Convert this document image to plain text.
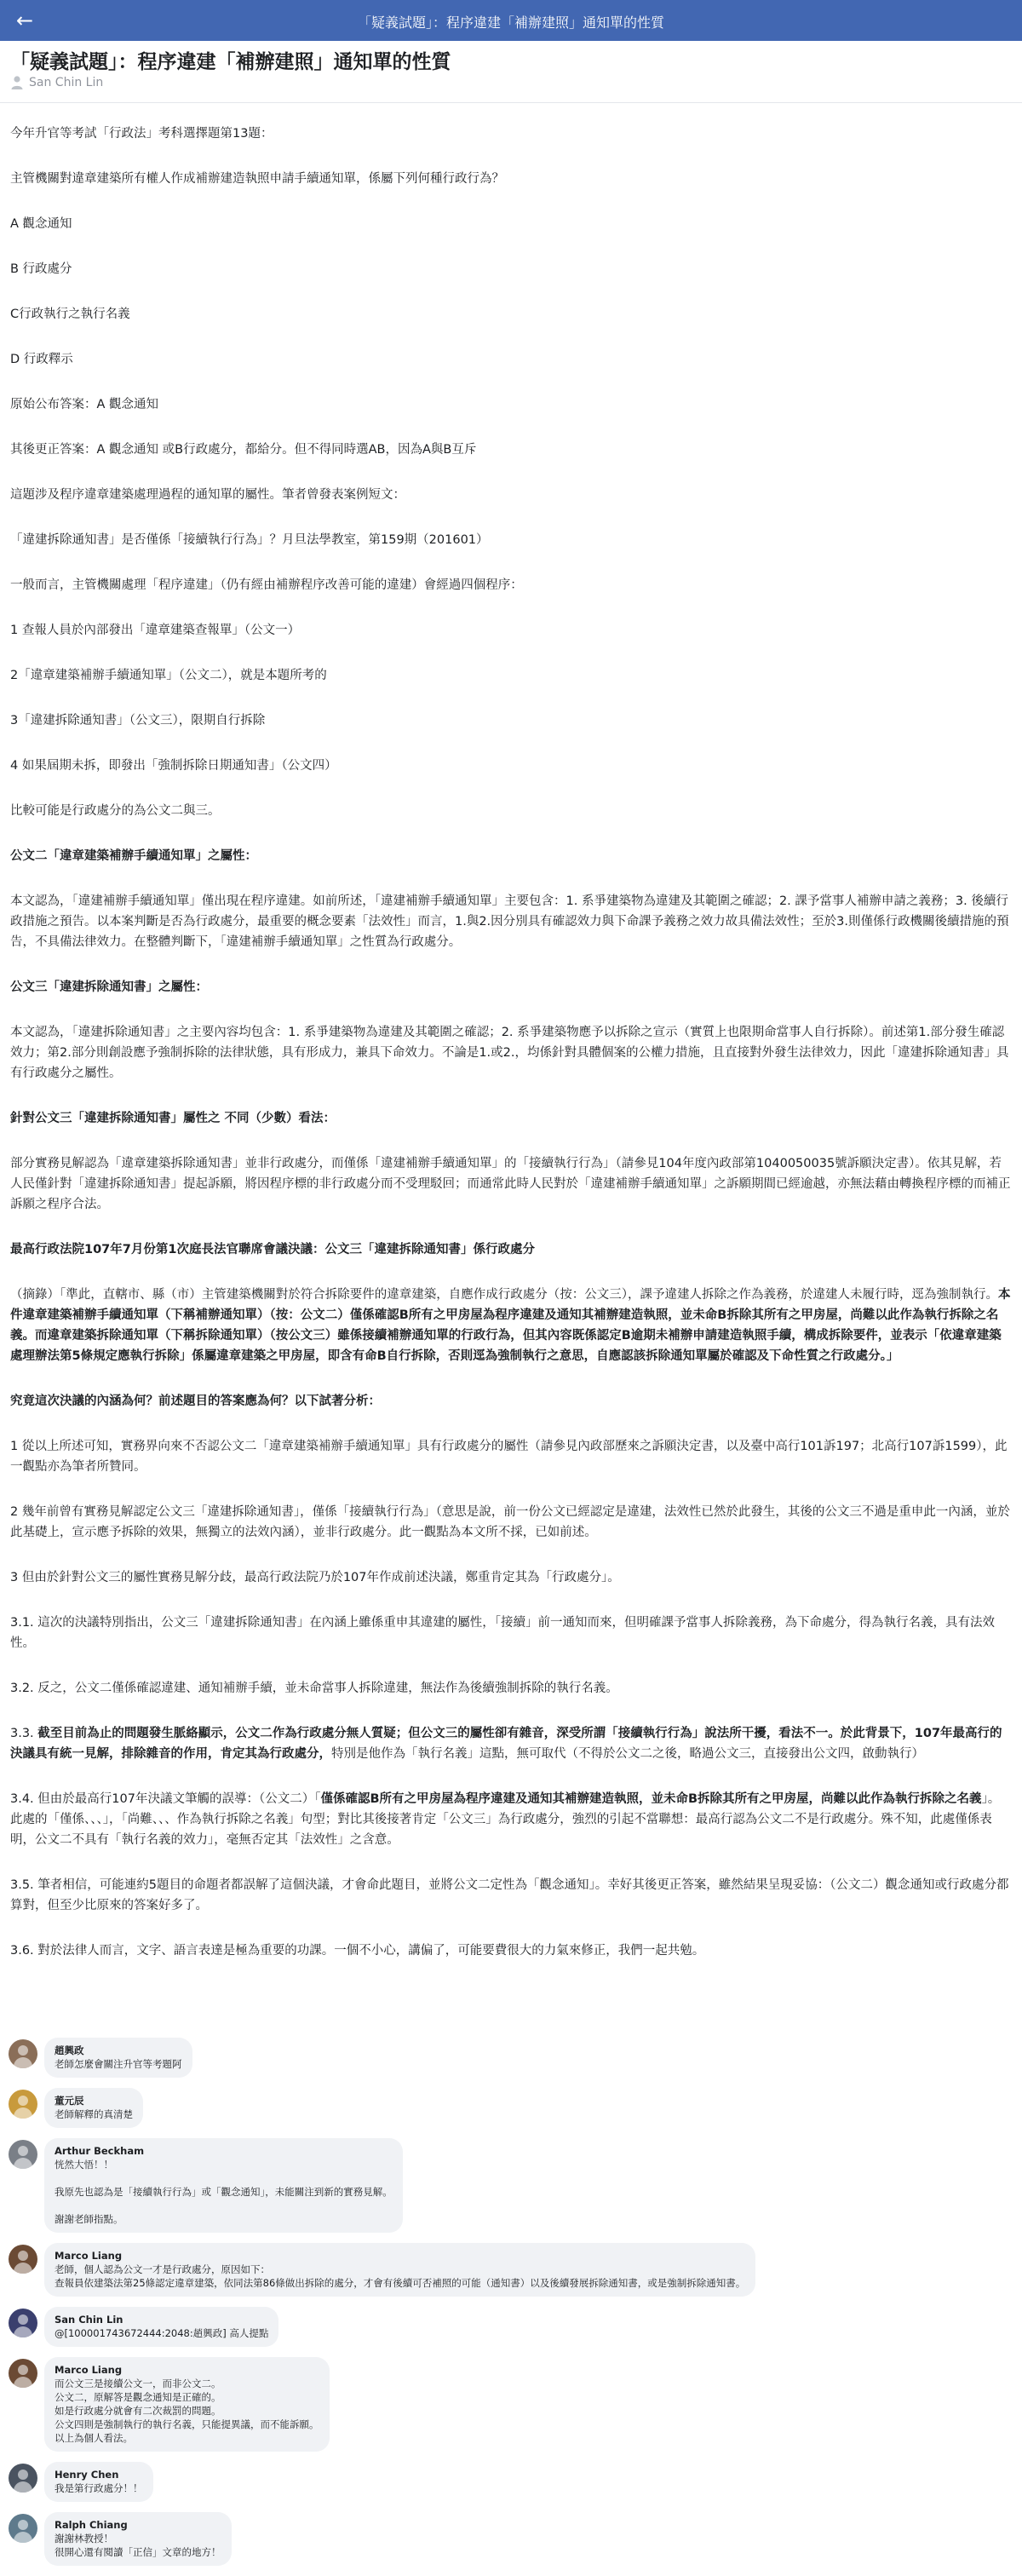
←	「疑義試題」：程序違建「補辦建照」通知單的性質
「疑義試題」：程序違建「補辦建照」通知單的性質
San Chin Lin

今年升官等考試「行政法」考科選擇題第13題：

主管機關對違章建築所有權人作成補辦建造執照申請手續通知單，係屬下列何種行政行為？

A 觀念通知

B 行政處分

C行政執行之執行名義

D 行政釋示

原始公布答案：A 觀念通知

其後更正答案：A 觀念通知 或B行政處分，都給分。但不得同時選AB，因為A與B互斥

這題涉及程序違章建築處理過程的通知單的屬性。筆者曾發表案例短文：

「違建拆除通知書」是否僅係「接續執行行為」？月旦法學教室，第159期（201601）

一般而言，主管機關處理「程序違建」（仍有經由補辦程序改善可能的違建）會經過四個程序：

1 查報人員於內部發出「違章建築查報單」（公文一）

2「違章建築補辦手續通知單」（公文二），就是本題所考的

3「違建拆除通知書」（公文三），限期自行拆除

4 如果屆期未拆，即發出「強制拆除日期通知書」（公文四）

比較可能是行政處分的為公文二與三。

公文二「違章建築補辦手續通知單」之屬性：

本文認為，「違建補辦手續通知單」僅出現在程序違建。如前所述，「違建補辦手續通知單」主要包含：1. 系爭建築物為違建及其範圍之確認；2. 課予當事人補辦申請之義務；3. 後續行政措施之預告。以本案判斷是否為行政處分，最重要的概念要素「法效性」而言，1.與2.因分別具有確認效力與下命課予義務之效力故具備法效性；至於3.則僅係行政機關後續措施的預告，不具備法律效力。在整體判斷下，「違建補辦手續通知單」之性質為行政處分。

公文三「違建拆除通知書」之屬性：

本文認為，「違建拆除通知書」之主要內容均包含：1. 系爭建築物為違建及其範圍之確認；2. 系爭建築物應予以拆除之宣示（實質上也限期命當事人自行拆除）。前述第1.部分發生確認效力；第2.部分則創設應予強制拆除的法律狀態，具有形成力，兼具下命效力。不論是1.或2.，均係針對具體個案的公權力措施，且直接對外發生法律效力，因此「違建拆除通知書」具有行政處分之屬性。

針對公文三「違建拆除通知書」屬性之 不同（少數）看法：

部分實務見解認為「違章建築拆除通知書」並非行政處分，而僅係「違建補辦手續通知單」的「接續執行行為」（請參見104年度內政部第1040050035號訴願決定書）。依其見解，若人民僅針對「違建拆除通知書」提起訴願，將因程序標的非行政處分而不受理駁回；而通常此時人民對於「違建補辦手續通知單」之訴願期間已經逾越，亦無法藉由轉換程序標的而補正訴願之程序合法。

最高行政法院107年7月份第1次庭長法官聯席會議決議：公文三「違建拆除通知書」係行政處分

（摘錄）「準此，直轄市、縣（市）主管建築機關對於符合拆除要件的違章建築，自應作成行政處分（按：公文三），課予違建人拆除之作為義務，於違建人未履行時，逕為強制執行。本件違章建築補辦手續通知單（下稱補辦通知單）（按：公文二）僅係確認B所有之甲房屋為程序違建及通知其補辦建造執照，並未命B拆除其所有之甲房屋，尚難以此作為執行拆除之名義。而違章建築拆除通知單（下稱拆除通知單）（按公文三）雖係接續補辦通知單的行政行為，但其內容既係認定B逾期未補辦申請建造執照手續，構成拆除要件，並表示「依違章建築處理辦法第5條規定應執行拆除」係屬違章建築之甲房屋，即含有命B自行拆除，否則逕為強制執行之意思，自應認該拆除通知單屬於確認及下命性質之行政處分。」

究竟這次決議的內涵為何？前述題目的答案應為何？以下試著分析：

1 從以上所述可知，實務界向來不否認公文二「違章建築補辦手續通知單」具有行政處分的屬性（請參見內政部歷來之訴願決定書，以及臺中高行101訴197；北高行107訴1599），此一觀點亦為筆者所贊同。

2 幾年前曾有實務見解認定公文三「違建拆除通知書」，僅係「接續執行行為」（意思是說，前一份公文已經認定是違建，法效性已然於此發生，其後的公文三不過是重申此一內涵，並於此基礎上，宣示應予拆除的效果，無獨立的法效內涵），並非行政處分。此一觀點為本文所不採，已如前述。

3 但由於針對公文三的屬性實務見解分歧，最高行政法院乃於107年作成前述決議，鄭重肯定其為「行政處分」。

3.1. 這次的決議特別指出，公文三「違建拆除通知書」在內涵上雖係重申其違建的屬性，「接續」前一通知而來，但明確課予當事人拆除義務，為下命處分，得為執行名義，具有法效性。

3.2. 反之，公文二僅係確認違建、通知補辦手續，並未命當事人拆除違建，無法作為後續強制拆除的執行名義。

3.3. 截至目前為止的問題發生脈絡顯示，公文二作為行政處分無人質疑；但公文三的屬性卻有雜音，深受所謂「接續執行行為」說法所干擾，看法不一。於此背景下，107年最高行的決議具有統一見解，排除雜音的作用，肯定其為行政處分，特別是他作為「執行名義」這點，無可取代（不得於公文二之後，略過公文三，直接發出公文四，啟動執行）

3.4. 但由於最高行107年決議文筆觸的誤導：（公文二）「僅係確認B所有之甲房屋為程序違建及通知其補辦建造執照，並未命B拆除其所有之甲房屋，尚難以此作為執行拆除之名義」。此處的「僅係、、、」，「尚難、、、作為執行拆除之名義」句型；對比其後接著肯定「公文三」為行政處分，強烈的引起不當聯想：最高行認為公文二不是行政處分。殊不知，此處僅係表明，公文二不具有「執行名義的效力」，毫無否定其「法效性」之含意。

3.5. 筆者相信，可能連約5題目的命題者都誤解了這個決議，才會命此題目，並將公文二定性為「觀念通知」。幸好其後更正答案，雖然結果呈現妥協：（公文二）觀念通知或行政處分都算對，但至少比原來的答案好多了。

3.6. 對於法律人而言，文字、語言表達是極為重要的功課。一個不小心，講偏了，可能要費很大的力氣來修正，我們一起共勉。

趙興政
老師怎麼會關注升官等考題阿
董元辰
老師解釋的真清楚
Arthur Beckham
恍然大悟！！
我原先也認為是「接續執行行為」或「觀念通知」，未能關注到新的實務見解。
謝謝老師指點。
Marco Liang
老師，個人認為公文一才是行政處分，原因如下：
查報員依建築法第25條認定違章建築，依同法第86條做出拆除的處分，才會有後續可否補照的可能（通知書）以及後續發展拆除通知書，或是強制拆除通知書。
San Chin Lin
@[100001743672444:2048:趙興政] 高人提點
Marco Liang
而公文三是接續公文一，而非公文二。
公文二，原解答是觀念通知是正確的。
如是行政處分就會有二次裁罰的問題。
公文四則是強制執行的執行名義，只能提異議，而不能訴願。
以上為個人看法。
Henry Chen
我是第行政處分！！
Ralph Chiang
謝謝林教授！
很開心還有閱讀「正信」文章的地方！
